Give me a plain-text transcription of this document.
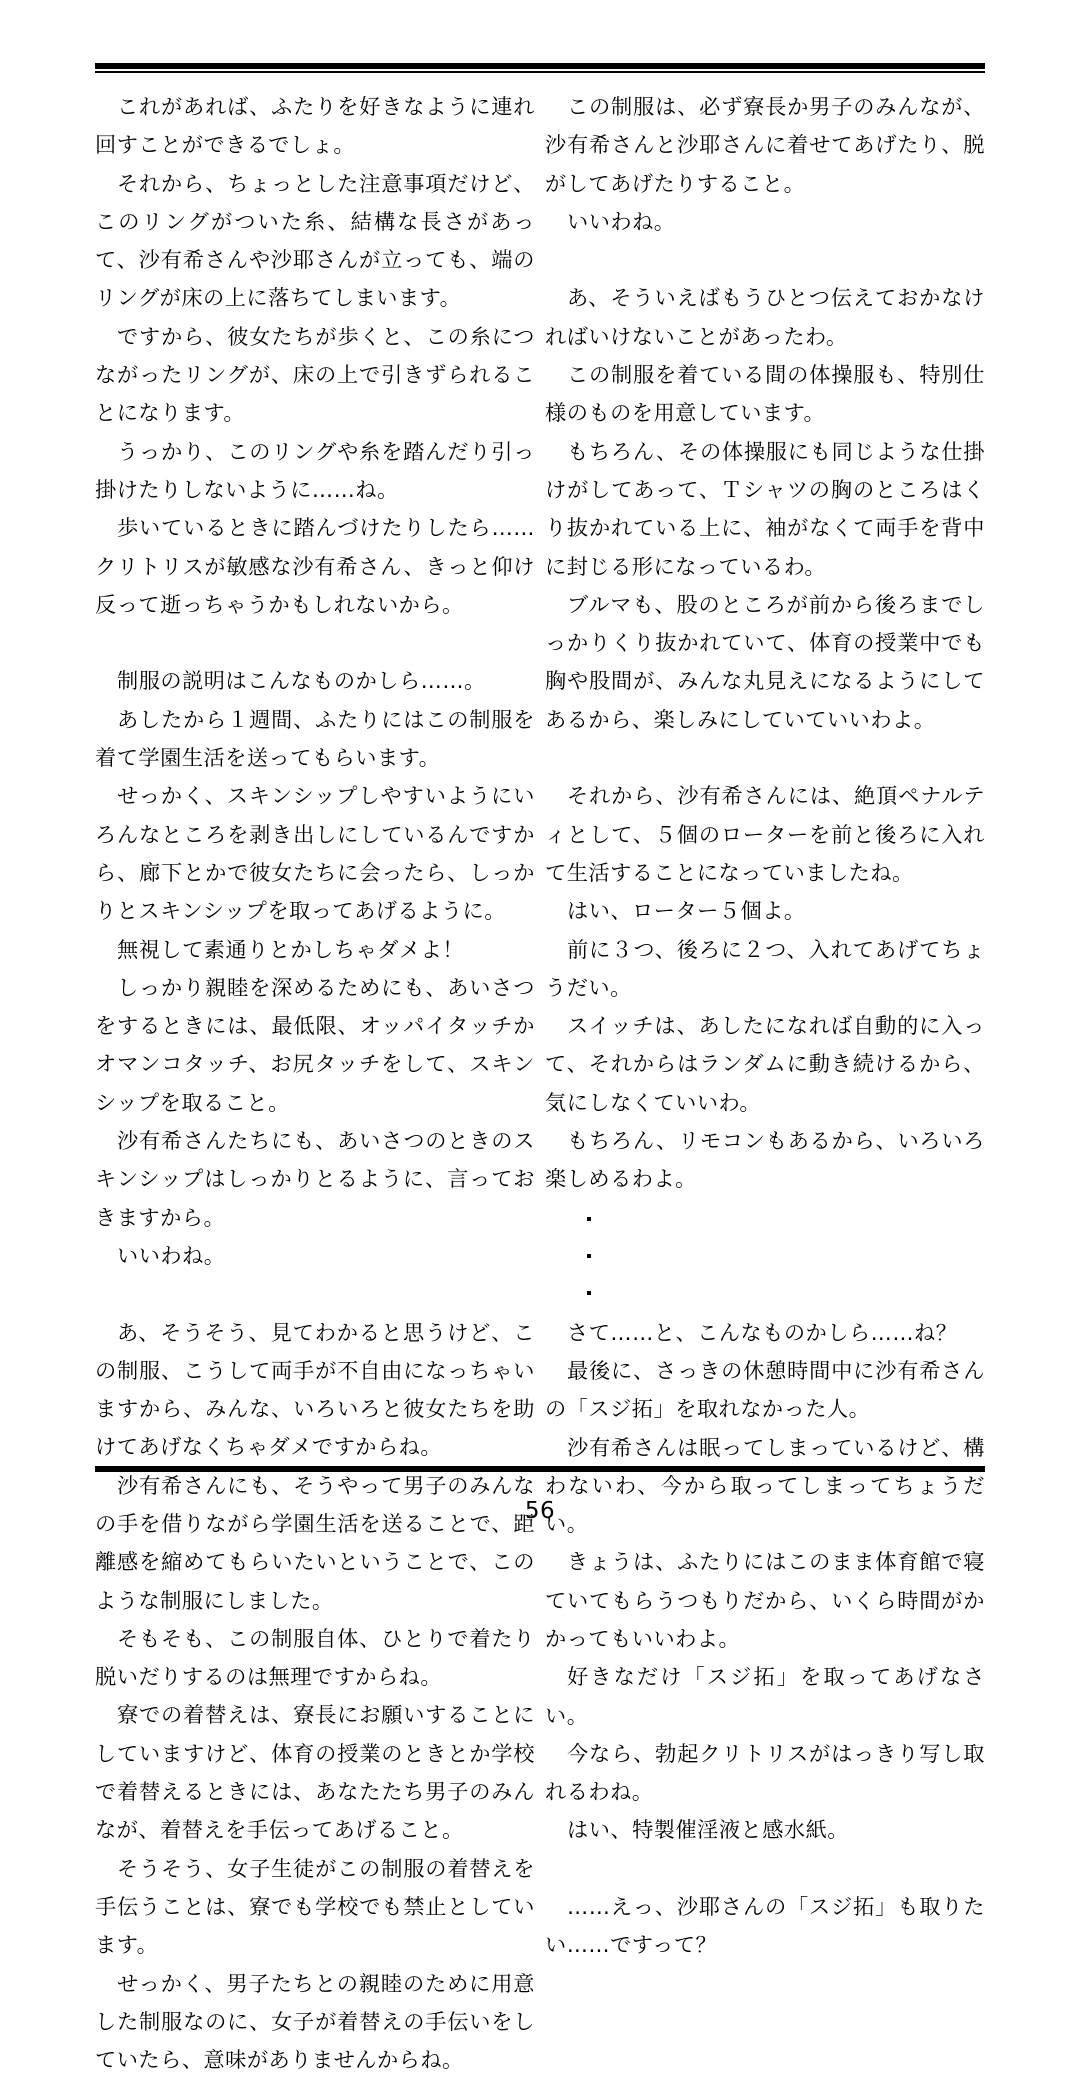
これがあれば、ふたりを好きなように連れ回すことができるでしょ。

それから、ちょっとした注意事項だけど、このリングがついた糸、結構な長さがあって、沙有希さんや沙耶さんが立っても、端のリングが床の上に落ちてしまいます。

ですから、彼女たちが歩くと、この糸につながったリングが、床の上で引きずられることになります。

うっかり、このリングや糸を踏んだり引っ掛けたりしないように……ね。

歩いているときに踏んづけたりしたら……クリトリスが敏感な沙有希さん、きっと仰け反って逝っちゃうかもしれないから。

制服の説明はこんなものかしら……。

あしたから１週間、ふたりにはこの制服を着て学園生活を送ってもらいます。

せっかく、スキンシップしやすいようにいろんなところを剥き出しにしているんですから、廊下とかで彼女たちに会ったら、しっかりとスキンシップを取ってあげるように。

無視して素通りとかしちゃダメよ！

しっかり親睦を深めるためにも、あいさつをするときには、最低限、オッパイタッチかオマンコタッチ、お尻タッチをして、スキンシップを取ること。

沙有希さんたちにも、あいさつのときのスキンシップはしっかりとるように、言っておきますから。

いいわね。

あ、そうそう、見てわかると思うけど、この制服、こうして両手が不自由になっちゃいますから、みんな、いろいろと彼女たちを助けてあげなくちゃダメですからね。

沙有希さんにも、そうやって男子のみんなの手を借りながら学園生活を送ることで、距離感を縮めてもらいたいということで、このような制服にしました。

そもそも、この制服自体、ひとりで着たり脱いだりするのは無理ですからね。

寮での着替えは、寮長にお願いすることにしていますけど、体育の授業のときとか学校で着替えるときには、あなたたち男子のみんなが、着替えを手伝ってあげること。

そうそう、女子生徒がこの制服の着替えを手伝うことは、寮でも学校でも禁止としています。

せっかく、男子たちとの親睦のために用意した制服なのに、女子が着替えの手伝いをしていたら、意味がありませんからね。

この制服は、必ず寮長か男子のみんなが、沙有希さんと沙耶さんに着せてあげたり、脱がしてあげたりすること。

いいわね。

あ、そういえばもうひとつ伝えておかなければいけないことがあったわ。

この制服を着ている間の体操服も、特別仕様のものを用意しています。

もちろん、その体操服にも同じような仕掛けがしてあって、Ｔシャツの胸のところはくり抜かれている上に、袖がなくて両手を背中に封じる形になっているわ。

ブルマも、股のところが前から後ろまでしっかりくり抜かれていて、体育の授業中でも胸や股間が、みんな丸見えになるようにしてあるから、楽しみにしていていいわよ。

それから、沙有希さんには、絶頂ペナルティとして、５個のローターを前と後ろに入れて生活することになっていましたね。

はい、ローター５個よ。

前に３つ、後ろに２つ、入れてあげてちょうだい。

スイッチは、あしたになれば自動的に入って、それからはランダムに動き続けるから、気にしなくていいわ。

もちろん、リモコンもあるから、いろいろ楽しめるわよ。

さて……と、こんなものかしら……ね？

最後に、さっきの休憩時間中に沙有希さんの「スジ拓」を取れなかった人。

沙有希さんは眠ってしまっているけど、構わないわ、今から取ってしまってちょうだい。

きょうは、ふたりにはこのまま体育館で寝ていてもらうつもりだから、いくら時間がかかってもいいわよ。

好きなだけ「スジ拓」を取ってあげなさい。

今なら、勃起クリトリスがはっきり写し取れるわね。

はい、特製催淫液と感水紙。

……えっ、沙耶さんの「スジ拓」も取りたい……ですって？

56
